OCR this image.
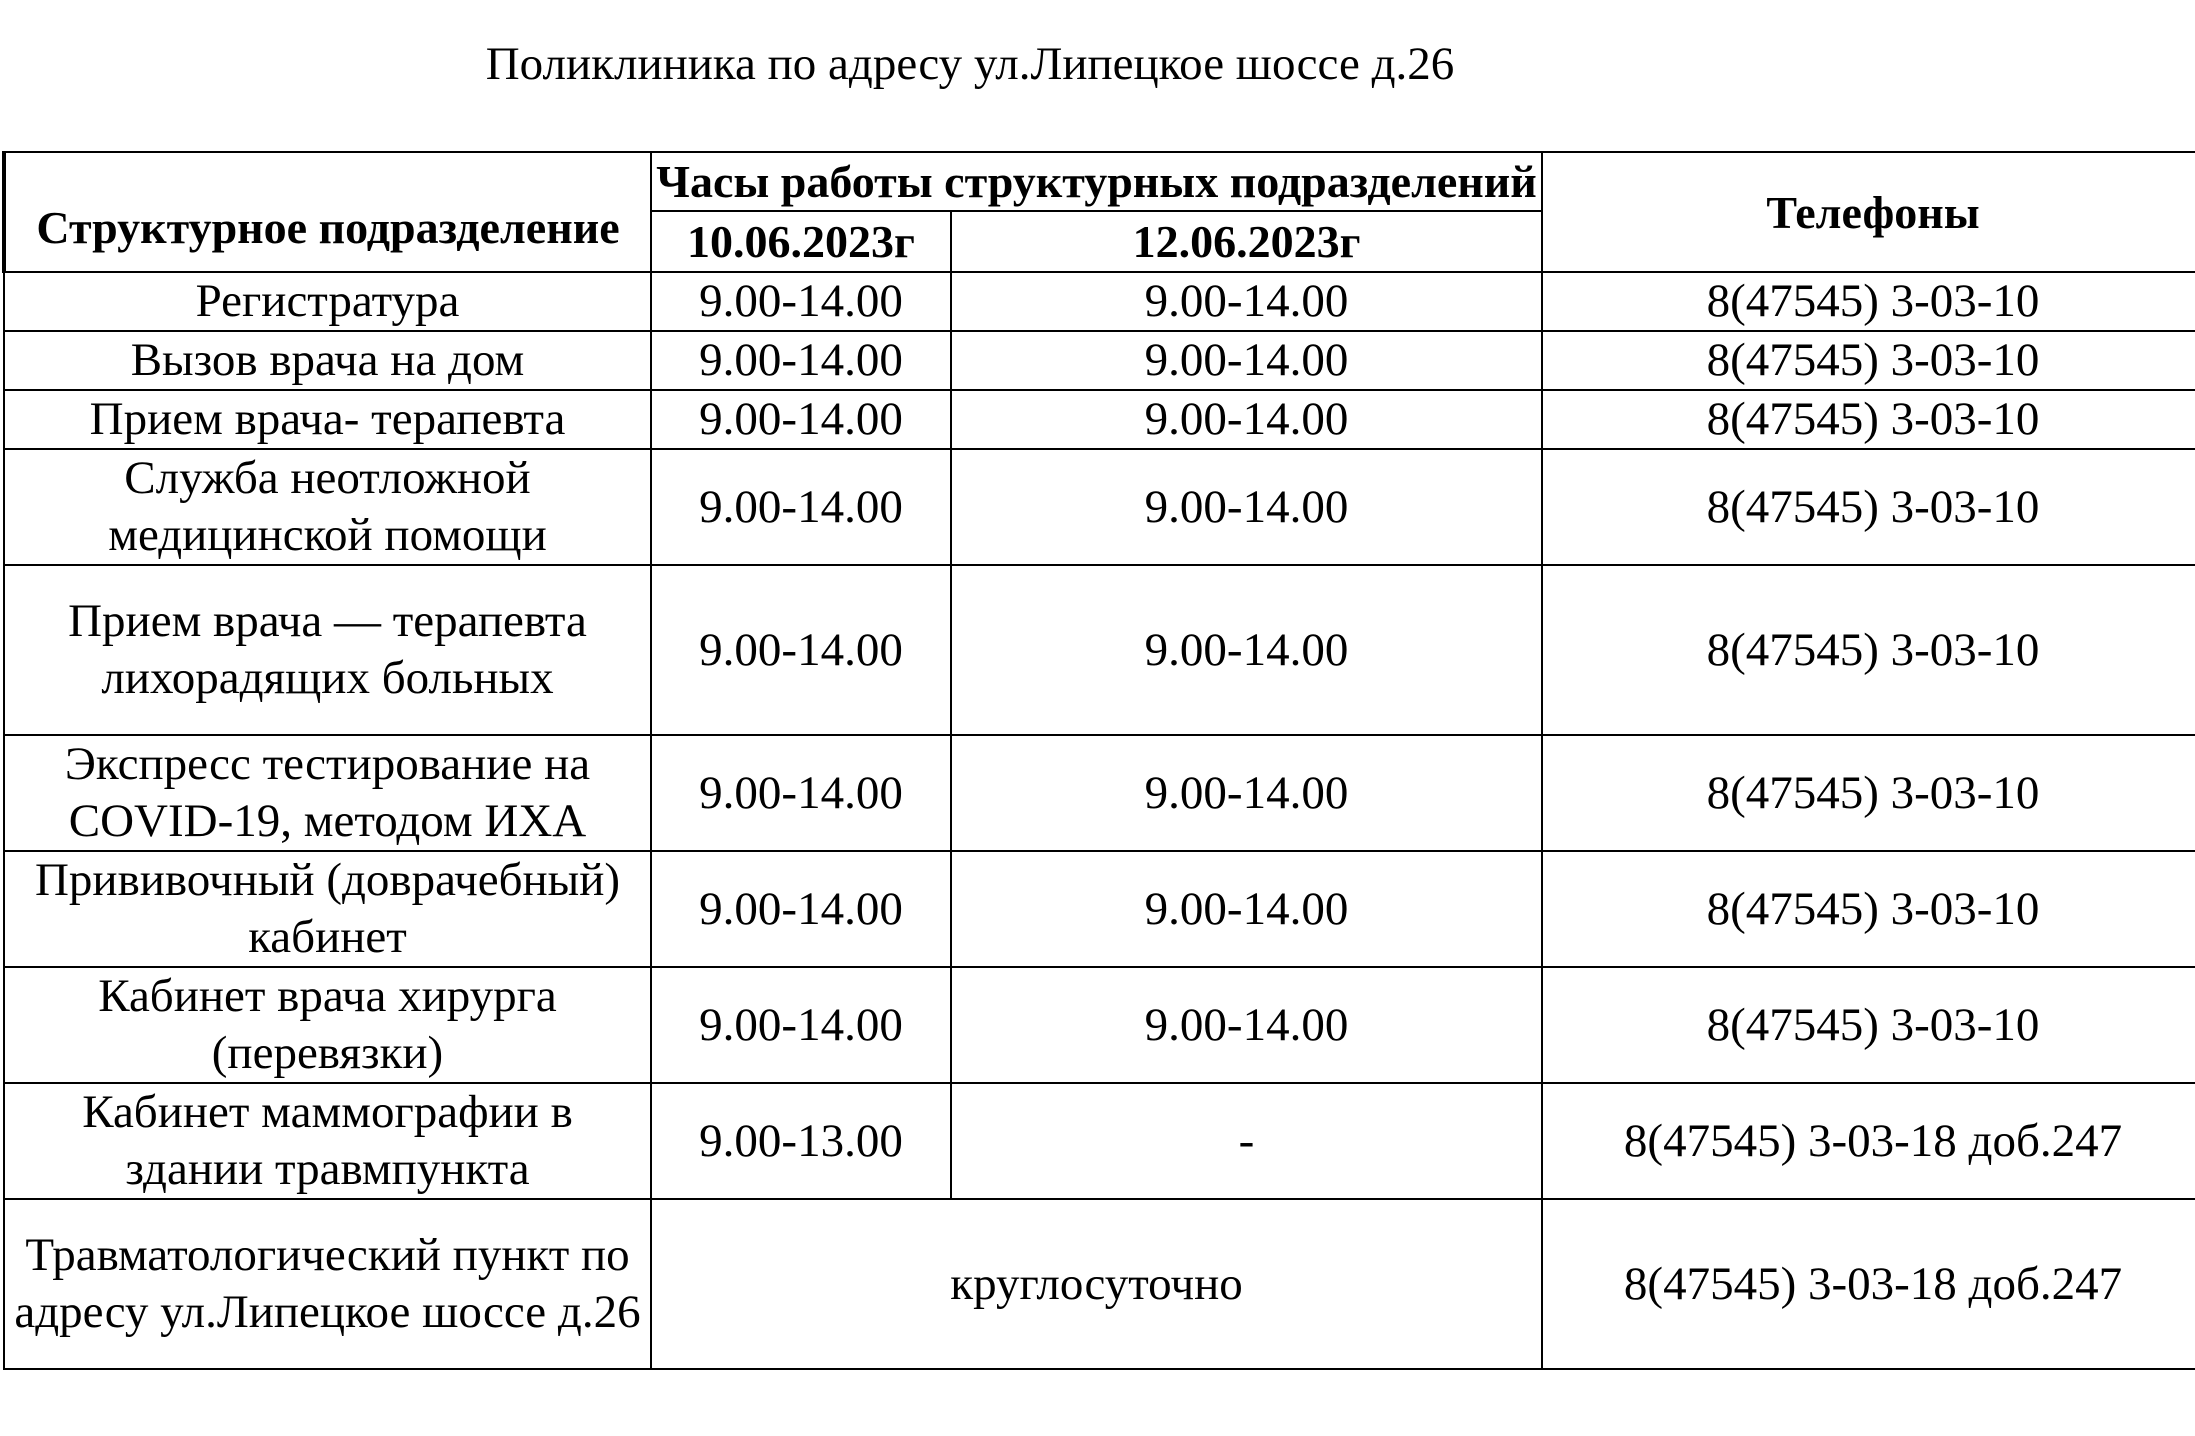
Поликлиника по адресу ул.Липецкое шоссе д.26
Структурное подразделение	Часы работы структурных подразделений		Телефоны
	10.06.2023г	12.06.2023г	
Регистратура	9.00-14.00	9.00-14.00	8(47545) 3-03-10
Вызов врача на дом	9.00-14.00	9.00-14.00	8(47545) 3-03-10
Прием врача- терапевта	9.00-14.00	9.00-14.00	8(47545) 3-03-10
Служба неотложной медицинской помощи	9.00-14.00	9.00-14.00	8(47545) 3-03-10
Прием врача — терапевта лихорадящих больных	9.00-14.00	9.00-14.00	8(47545) 3-03-10
Экспресс тестирование на COVID-19, методом ИХА	9.00-14.00	9.00-14.00	8(47545) 3-03-10
Прививочный (доврачебный) кабинет	9.00-14.00	9.00-14.00	8(47545) 3-03-10
Кабинет врача хирурга (перевязки)	9.00-14.00	9.00-14.00	8(47545) 3-03-10
Кабинет маммографии в здании травмпункта	9.00-13.00	-	8(47545) 3-03-18 доб.247
Травматологический пункт по адресу ул.Липецкое шоссе д.26	круглосуточно		8(47545) 3-03-18 доб.247
